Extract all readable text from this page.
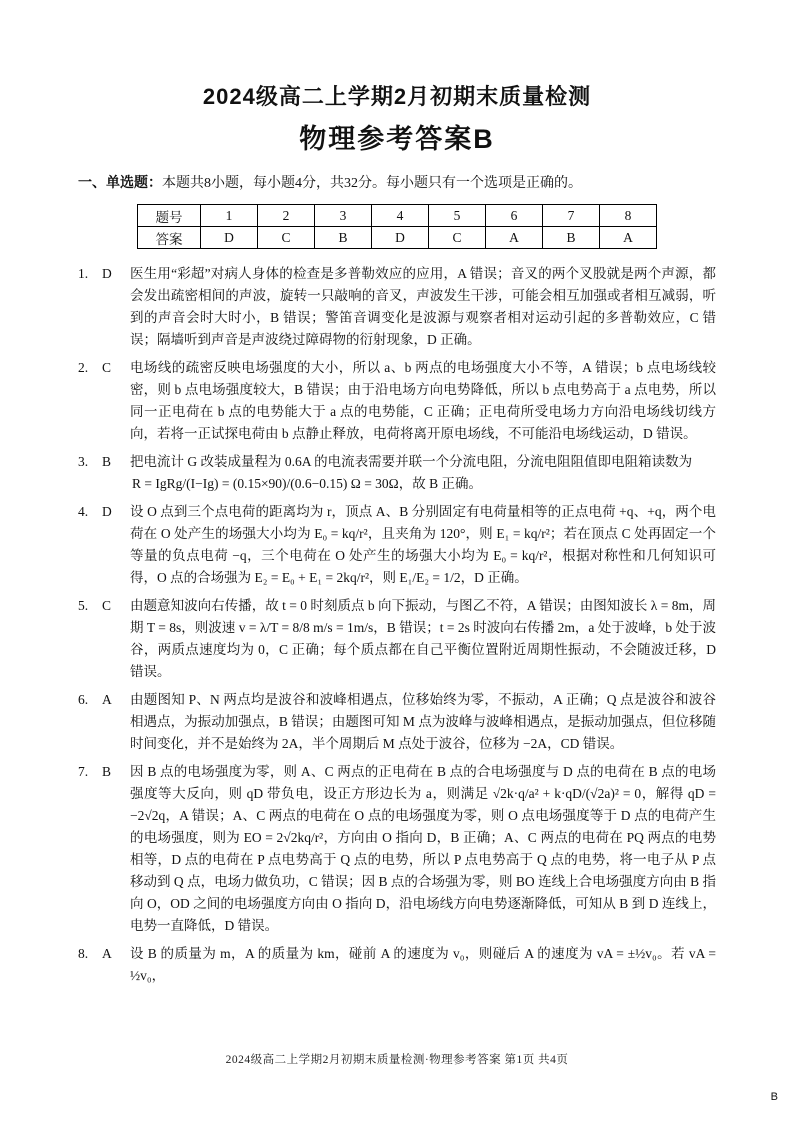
2024级高二上学期2月初期末质量检测
物理参考答案B

一、单选题：本题共8小题，每小题4分，共32分。每小题只有一个选项是正确的。

题号	1	2	3	4	5	6	7	8
答案	D	C	B	D	C	A	B	A
1.	D	医生用“彩超”对病人身体的检查是多普勒效应的应用，A 错误；音叉的两个叉股就是两个声源，都会发出疏密相间的声波，旋转一只敲响的音叉，声波发生干涉，可能会相互加强或者相互减弱，听到的声音会时大时小，B 错误；警笛音调变化是波源与观察者相对运动引起的多普勒效应，C 错误；隔墙听到声音是声波绕过障碍物的衍射现象，D 正确。
2.	C	电场线的疏密反映电场强度的大小，所以 a、b 两点的电场强度大小不等，A 错误；b 点电场线较密，则 b 点电场强度较大，B 错误；由于沿电场方向电势降低，所以 b 点电势高于 a 点电势，所以同一正电荷在 b 点的电势能大于 a 点的电势能，C 正确；正电荷所受电场力方向沿电场线切线方向，若将一正试探电荷由 b 点静止释放，电荷将离开原电场线，不可能沿电场线运动，D 错误。
3.	B	把电流计 G 改装成量程为 0.6A 的电流表需要并联一个分流电阻，分流电阻阻值即电阻箱读数为
R = IgRg/(I−Ig) = (0.15×90)/(0.6−0.15) Ω = 30Ω，故 B 正确。
4.	D	设 O 点到三个点电荷的距离均为 r，顶点 A、B 分别固定有电荷量相等的正点电荷 +q、+q，两个电荷在 O 处产生的场强大小均为 E₀ = kq/r²，且夹角为 120°，则 E₁ = kq/r²；若在顶点 C 处再固定一个等量的负点电荷 −q，三个电荷在 O 处产生的场强大小均为 E₀ = kq/r²，根据对称性和几何知识可得，O 点的合场强为 E₂ = E₀ + E₁ = 2kq/r²，则 E₁/E₂ = 1/2，D 正确。
5.	C	由题意知波向右传播，故 t = 0 时刻质点 b 向下振动，与图乙不符，A 错误；由图知波长 λ = 8m，周期 T = 8s，则波速 v = λ/T = 8/8 m/s = 1m/s，B 错误；t = 2s 时波向右传播 2m，a 处于波峰，b 处于波谷，两质点速度均为 0，C 正确；每个质点都在自己平衡位置附近周期性振动，不会随波迁移，D 错误。
6.	A	由题图知 P、N 两点均是波谷和波峰相遇点，位移始终为零，不振动，A 正确；Q 点是波谷和波谷相遇点，为振动加强点，B 错误；由题图可知 M 点为波峰与波峰相遇点，是振动加强点，但位移随时间变化，并不是始终为 2A，半个周期后 M 点处于波谷，位移为 −2A，CD 错误。
7.	B	因 B 点的电场强度为零，则 A、C 两点的正电荷在 B 点的合电场强度与 D 点的电荷在 B 点的电场强度等大反向，则 qD 带负电，设正方形边长为 a，则满足 √2k·q/a² + k·qD/(√2a)² = 0，解得 qD = −2√2q，A 错误；A、C 两点的电荷在 O 点的电场强度为零，则 O 点电场强度等于 D 点的电荷产生的电场强度，则为 EO = 2√2kq/r²，方向由 O 指向 D，B 正确；A、C 两点的电荷在 PQ 两点的电势相等，D 点的电荷在 P 点电势高于 Q 点的电势，所以 P 点电势高于 Q 点的电势，将一电子从 P 点移动到 Q 点，电场力做负功，C 错误；因 B 点的合场强为零，则 BO 连线上合电场强度方向由 B 指向 O，OD 之间的电场强度方向由 O 指向 D，沿电场线方向电势逐渐降低，可知从 B 到 D 连线上，电势一直降低，D 错误。
8.	A	设 B 的质量为 m，A 的质量为 km，碰前 A 的速度为 v₀，则碰后 A 的速度为 vA = ±½v₀。若 vA = ½v₀，
2024级高二上学期2月初期末质量检测·物理参考答案 第1页 共4页
B
